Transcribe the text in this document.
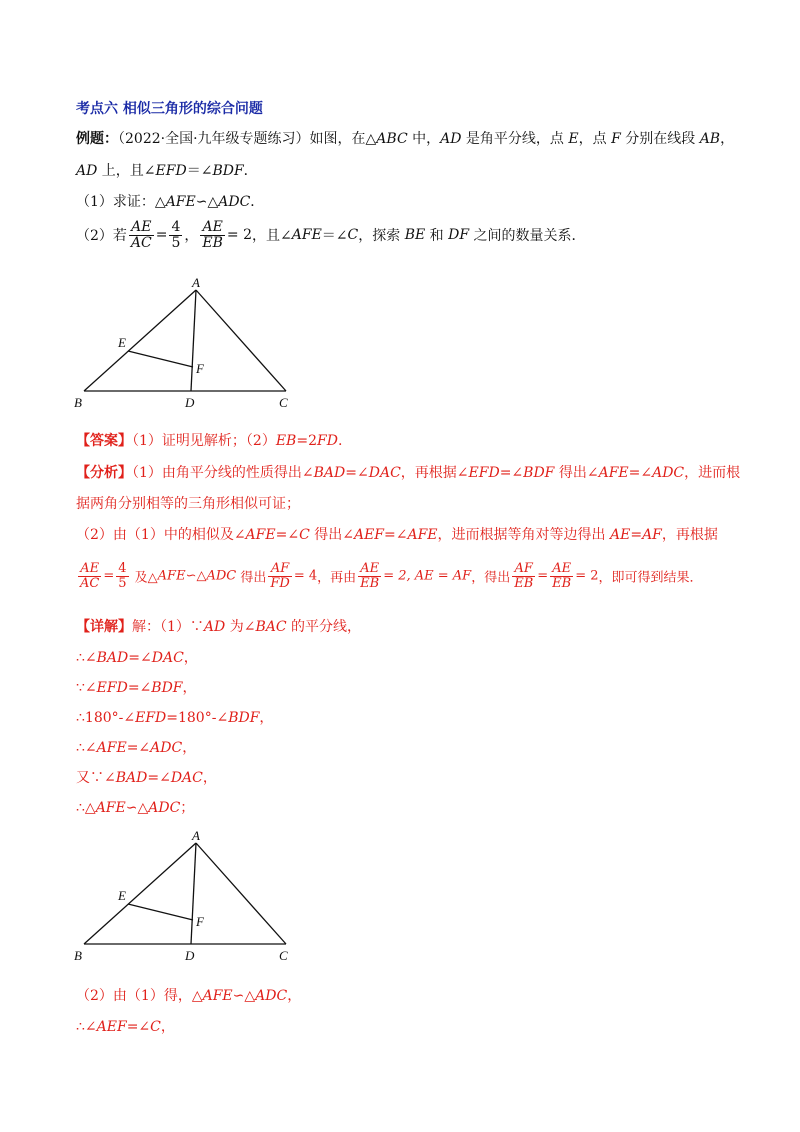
考点六 相似三角形的综合问题
例题：（2022·全国·九年级专题练习）如图，在△ABC 中，AD 是角平分线，点 E，点 F 分别在线段 AB，
AD 上，且∠EFD＝∠BDF．
（1）求证：△AFE∽△ADC．
（2）若 $\frac{AE}{AC} = \frac{4}{5}$ ， $\frac{AE}{EB} = 2$，且∠AFE＝∠C，探索 BE 和 DF 之间的数量关系．
A
B	C
D
E
F
【答案】（1）证明见解析；（2）EB=2FD.
【分析】（1）由角平分线的性质得出∠BAD=∠DAC，再根据∠EFD=∠BDF 得出∠AFE=∠ADC，进而根
据两角分别相等的三角形相似可证；
（2）由（1）中的相似及∠AFE=∠C 得出∠AEF=∠AFE，进而根据等角对等边得出 AE=AF，再根据
$\frac{AE}{AC} = \frac{4}{5}$ 及△AFE∽△ADC 得出 $\frac{AF}{FD} = 4$，再由 $\frac{AE}{EB} = 2$, AE = AF，得出 $\frac{AF}{EB} = \frac{AE}{EB} = 2$，即可得到结果．
【详解】解：（1）∵AD 为∠BAC 的平分线，
∴∠BAD=∠DAC，
∵∠EFD=∠BDF，
∴180°-∠EFD=180°-∠BDF，
∴∠AFE=∠ADC，
又∵∠BAD=∠DAC，
∴△AFE∽△ADC；
A
B	C
D
E
F
（2）由（1）得，△AFE∽△ADC，
∴∠AEF=∠C，
